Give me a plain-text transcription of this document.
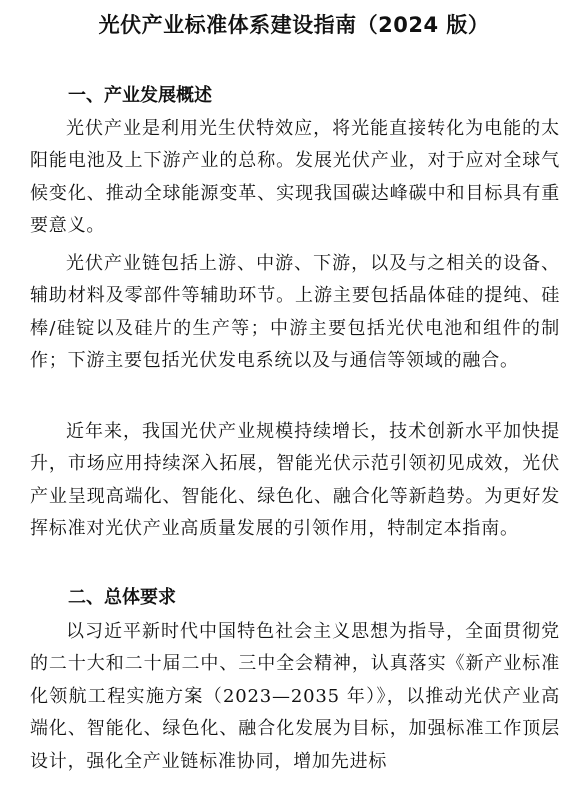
光伏产业标准体系建设指南（2024 版）
一、产业发展概述

光伏产业是利用光生伏特效应，将光能直接转化为电能的太阳能电池及上下游产业的总称。发展光伏产业，对于应对全球气候变化、推动全球能源变革、实现我国碳达峰碳中和目标具有重要意义。

光伏产业链包括上游、中游、下游，以及与之相关的设备、辅助材料及零部件等辅助环节。上游主要包括晶体硅的提纯、硅棒/硅锭以及硅片的生产等；中游主要包括光伏电池和组件的制作；下游主要包括光伏发电系统以及与通信等领域的融合。

近年来，我国光伏产业规模持续增长，技术创新水平加快提升，市场应用持续深入拓展，智能光伏示范引领初见成效，光伏产业呈现高端化、智能化、绿色化、融合化等新趋势。为更好发挥标准对光伏产业高质量发展的引领作用，特制定本指南。

二、总体要求

以习近平新时代中国特色社会主义思想为指导，全面贯彻党的二十大和二十届二中、三中全会精神，认真落实《新产业标准化领航工程实施方案（2023—2035 年）》，以推动光伏产业高端化、智能化、绿色化、融合化发展为目标，加强标准工作顶层设计，强化全产业链标准协同，增加先进标
